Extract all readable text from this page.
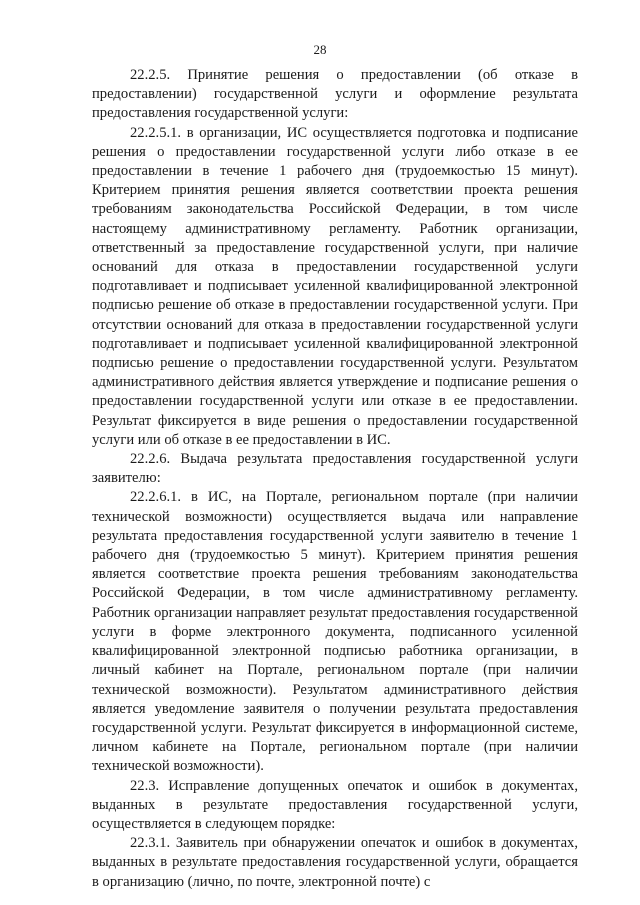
28

22.2.5. Принятие решения о предоставлении (об отказе в предоставлении) государственной услуги и оформление результата предоставления государственной услуги:

22.2.5.1. в организации, ИС осуществляется подготовка и подписание решения о предоставлении государственной услуги либо отказе в ее предоставлении в течение 1 рабочего дня (трудоемкостью 15 минут). Критерием принятия решения является соответствии проекта решения требованиям законодательства Российской Федерации, в том числе настоящему административному регламенту. Работник организации, ответственный за предоставление государственной услуги, при наличие оснований для отказа в предоставлении государственной услуги подготавливает и подписывает усиленной квалифицированной электронной подписью решение об отказе в предоставлении государственной услуги. При отсутствии оснований для отказа в предоставлении государственной услуги подготавливает и подписывает усиленной квалифицированной электронной подписью решение о предоставлении государственной услуги. Результатом административного действия является утверждение и подписание решения о предоставлении государственной услуги или отказе в ее предоставлении. Результат фиксируется в виде решения о предоставлении государственной услуги или об отказе в ее предоставлении в ИС.

22.2.6. Выдача результата предоставления государственной услуги заявителю:

22.2.6.1. в ИС, на Портале, региональном портале (при наличии технической возможности) осуществляется выдача или направление результата предоставления государственной услуги заявителю в течение 1 рабочего дня (трудоемкостью 5 минут). Критерием принятия решения является соответствие проекта решения требованиям законодательства Российской Федерации, в том числе административному регламенту. Работник организации направляет результат предоставления государственной услуги в форме электронного документа, подписанного усиленной квалифицированной электронной подписью работника организации, в личный кабинет на Портале, региональном портале (при наличии технической возможности). Результатом административного действия является уведомление заявителя о получении результата предоставления государственной услуги. Результат фиксируется в информационной системе, личном кабинете на Портале, региональном портале (при наличии технической возможности).

22.3. Исправление допущенных опечаток и ошибок в документах, выданных в результате предоставления государственной услуги, осуществляется в следующем порядке:

22.3.1. Заявитель при обнаружении опечаток и ошибок в документах, выданных в результате предоставления государственной услуги, обращается в организацию (лично, по почте, электронной почте) с
